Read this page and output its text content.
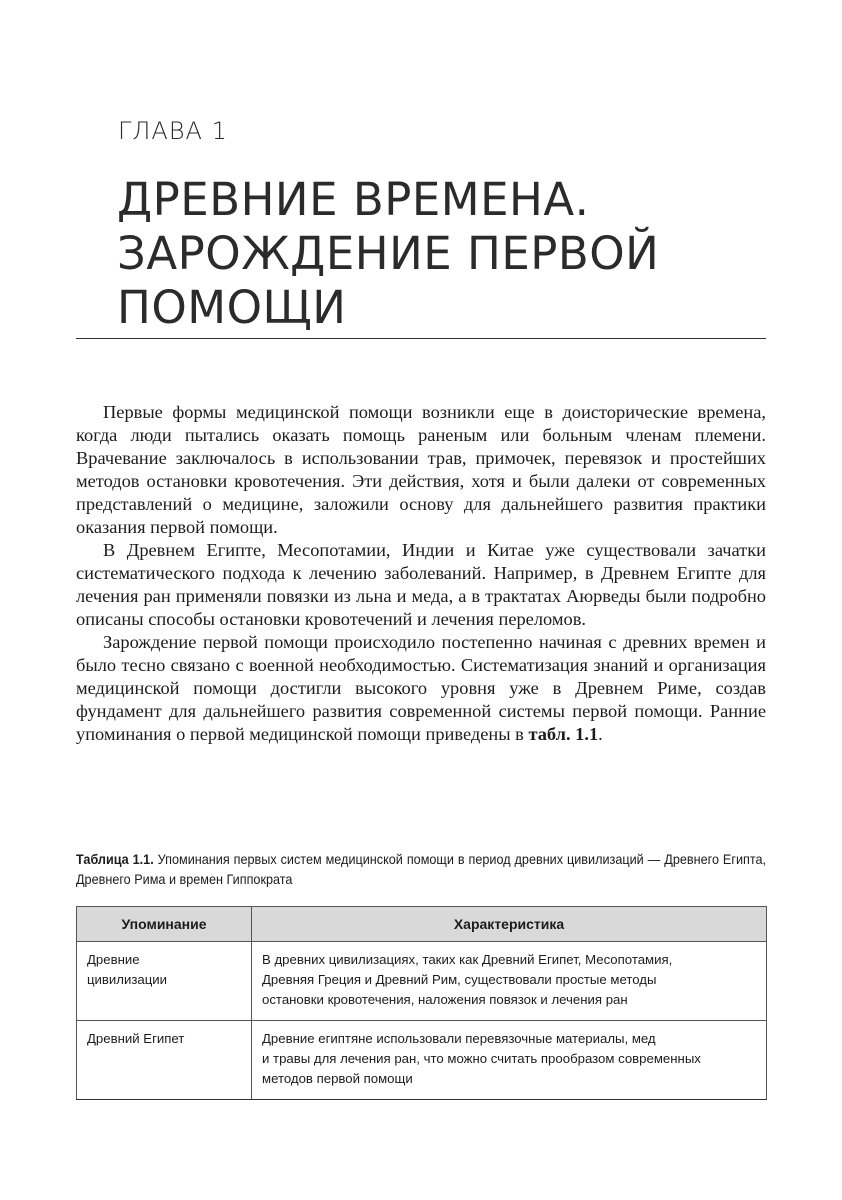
ГЛАВА 1
ДРЕВНИЕ ВРЕМЕНА.
ЗАРОЖДЕНИЕ ПЕРВОЙ
ПОМОЩИ

Первые формы медицинской помощи возникли еще в доисторические времена, когда люди пытались оказать помощь раненым или больным членам племени. Врачевание заключалось в использовании трав, примочек, перевязок и простейших методов остановки кровотечения. Эти действия, хотя и были далеки от современных представлений о медицине, заложили основу для дальнейшего развития практики оказания первой помощи.

В Древнем Египте, Месопотамии, Индии и Китае уже существовали зачатки систематического подхода к лечению заболеваний. Например, в Древнем Египте для лечения ран применяли повязки из льна и меда, а в трактатах Аюрведы были подробно описаны способы остановки кровотечений и лечения переломов.

Зарождение первой помощи происходило постепенно начиная с древних времен и было тесно связано с военной необходимостью. Систематизация знаний и организация медицинской помощи достигли высокого уровня уже в Древнем Риме, создав фундамент для дальнейшего развития современной системы первой помощи. Ранние упоминания о первой медицинской помощи приведены в табл. 1.1.

Таблица 1.1. Упоминания первых систем медицинской помощи в период древних цивилизаций — Древнего Египта, Древнего Рима и времен Гиппократа
Упоминание	Характеристика

Древние
цивилизации	В древних цивилизациях, таких как Древний Египет, Месопотамия,
Древняя Греция и Древний Рим, существовали простые методы
остановки кровотечения, наложения повязок и лечения ран

Древний Египет	Древние египтяне использовали перевязочные материалы, мед
и травы для лечения ран, что можно считать прообразом современных
методов первой помощи
